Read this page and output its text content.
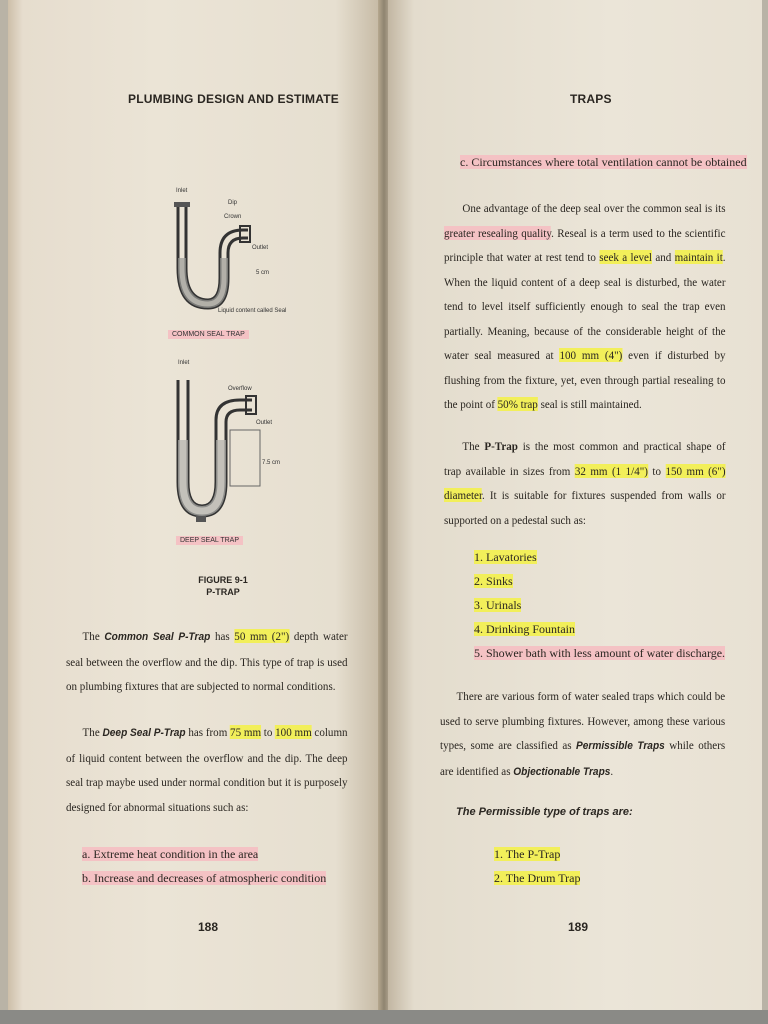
PLUMBING DESIGN AND ESTIMATE
Inlet
Dip
Crown
Outlet
5 cm
Liquid content called Seal
COMMON SEAL TRAP
Inlet
Overflow
Outlet
7.5 cm
DEEP SEAL TRAP
FIGURE 9-1
P-TRAP
The Common Seal P-Trap has 50 mm (2") depth water seal between the overflow and the dip. This type of trap is used on plumbing fixtures that are subjected to normal conditions.
The Deep Seal P-Trap has from 75 mm to 100 mm column of liquid content between the overflow and the dip. The deep seal trap maybe used under normal condition but it is purposely designed for abnormal situations such as:
a. Extreme heat condition in the area
b. Increase and decreases of atmospheric condition
188
TRAPS
c. Circumstances where total ventilation cannot be obtained
One advantage of the deep seal over the common seal is its greater resealing quality. Reseal is a term used to the scientific principle that water at rest tend to seek a level and maintain it. When the liquid content of a deep seal is disturbed, the water tend to level itself sufficiently enough to seal the trap even partially. Meaning, because of the considerable height of the water seal measured at 100 mm (4") even if disturbed by flushing from the fixture, yet, even through partial resealing to the point of 50% trap seal is still maintained.
The P-Trap is the most common and practical shape of trap available in sizes from 32 mm (1 1/4") to 150 mm (6") diameter. It is suitable for fixtures suspended from walls or supported on a pedestal such as:
1. Lavatories
2. Sinks
3. Urinals
4. Drinking Fountain
5. Shower bath with less amount of water discharge.
There are various form of water sealed traps which could be used to serve plumbing fixtures. However, among these various types, some are classified as Permissible Traps while others are identified as Objectionable Traps.
The Permissible type of traps are:
1. The P-Trap
2. The Drum Trap
189
